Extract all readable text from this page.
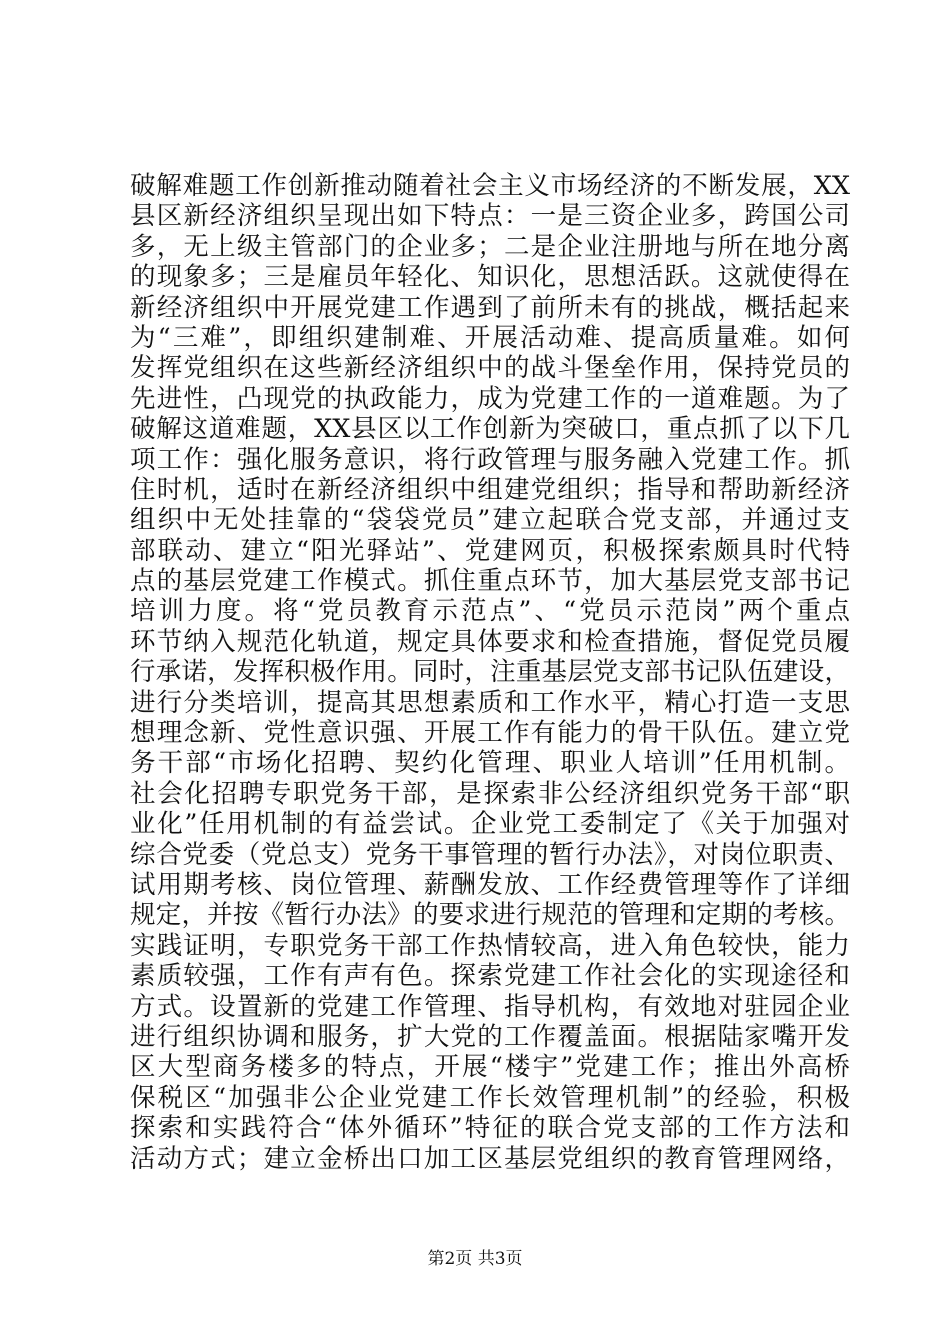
破解难题工作创新推动随着社会主义市场经济的不断发展，XX
县区新经济组织呈现出如下特点：一是三资企业多，跨国公司
多，无上级主管部门的企业多；二是企业注册地与所在地分离
的现象多；三是雇员年轻化、知识化，思想活跃。这就使得在
新经济组织中开展党建工作遇到了前所未有的挑战，概括起来
为“三难”，即组织建制难、开展活动难、提高质量难。如何
发挥党组织在这些新经济组织中的战斗堡垒作用，保持党员的
先进性，凸现党的执政能力，成为党建工作的一道难题。为了
破解这道难题，XX县区以工作创新为突破口，重点抓了以下几
项工作：强化服务意识，将行政管理与服务融入党建工作。抓
住时机，适时在新经济组织中组建党组织；指导和帮助新经济
组织中无处挂靠的“袋袋党员”建立起联合党支部，并通过支
部联动、建立“阳光驿站”、党建网页，积极探索颇具时代特
点的基层党建工作模式。抓住重点环节，加大基层党支部书记
培训力度。将“党员教育示范点”、“党员示范岗”两个重点
环节纳入规范化轨道，规定具体要求和检查措施，督促党员履
行承诺，发挥积极作用。同时，注重基层党支部书记队伍建设，
进行分类培训，提高其思想素质和工作水平，精心打造一支思
想理念新、党性意识强、开展工作有能力的骨干队伍。建立党
务干部“市场化招聘、契约化管理、职业人培训”任用机制。
社会化招聘专职党务干部，是探索非公经济组织党务干部“职
业化”任用机制的有益尝试。企业党工委制定了《关于加强对
综合党委（党总支）党务干事管理的暂行办法》，对岗位职责、
试用期考核、岗位管理、薪酬发放、工作经费管理等作了详细
规定，并按《暂行办法》的要求进行规范的管理和定期的考核。
实践证明，专职党务干部工作热情较高，进入角色较快，能力
素质较强，工作有声有色。探索党建工作社会化的实现途径和
方式。设置新的党建工作管理、指导机构，有效地对驻园企业
进行组织协调和服务，扩大党的工作覆盖面。根据陆家嘴开发
区大型商务楼多的特点，开展“楼宇”党建工作；推出外高桥
保税区“加强非公企业党建工作长效管理机制”的经验，积极
探索和实践符合“体外循环”特征的联合党支部的工作方法和
活动方式；建立金桥出口加工区基层党组织的教育管理网络，
第2页 共3页
